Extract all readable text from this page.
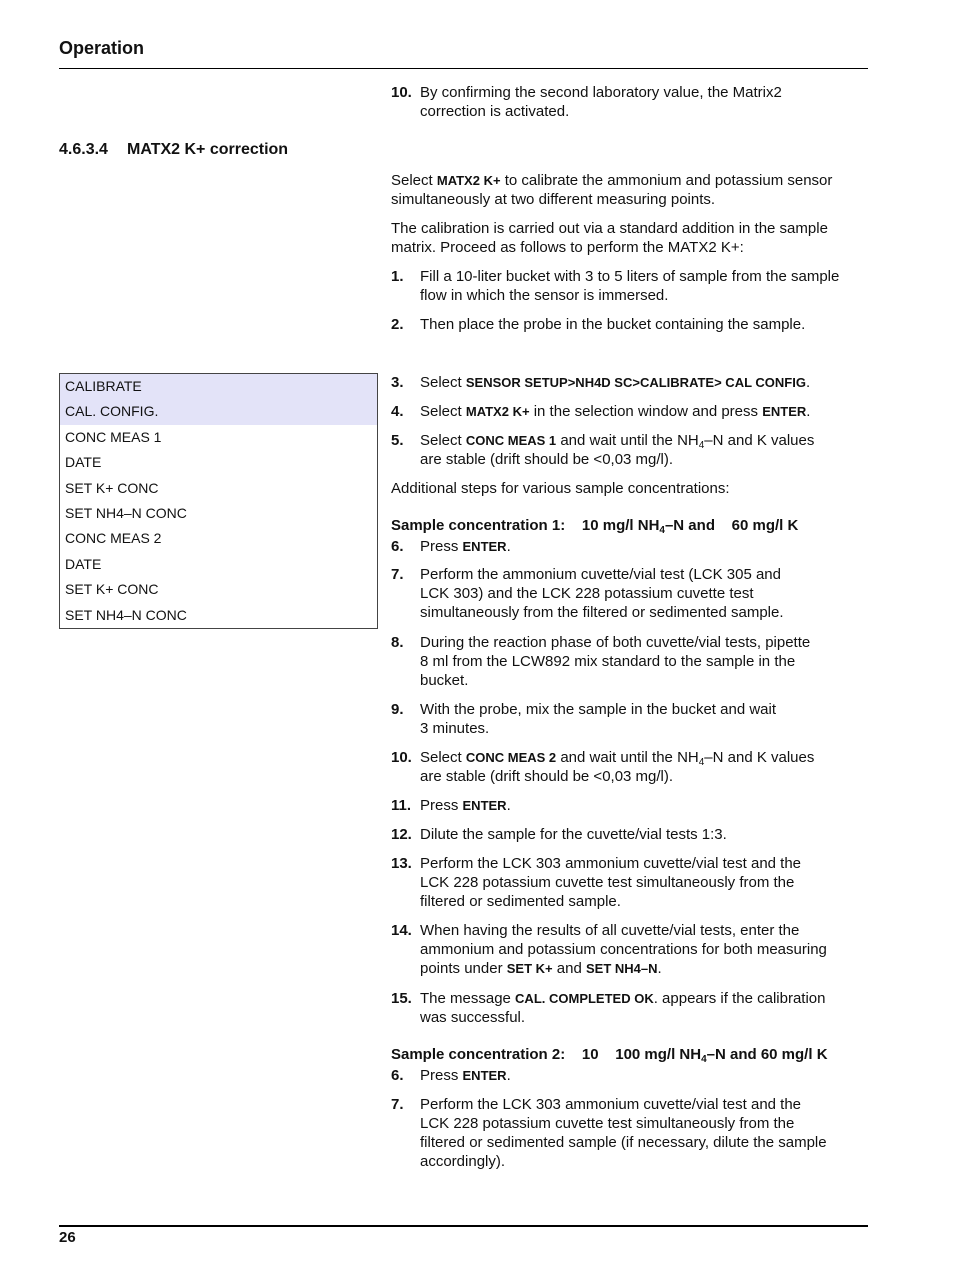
Operation
26
10. By confirming the second laboratory value, the Matrix2
correction is activated.
4.6.3.4 MATX2 K+ correction
Select MATX2 K+ to calibrate the ammonium and potassium sensor
simultaneously at two different measuring points.
The calibration is carried out via a standard addition in the sample
matrix. Proceed as follows to perform the MATX2 K+:
1.	Fill a 10-liter bucket with 3 to 5 liters of sample from the sample
flow in which the sensor is immersed.
2.	Then place the probe in the bucket containing the sample.
CALIBRATE
CAL. CONFIG.
CONC MEAS 1
DATE
SET K+ CONC
SET NH4–N CONC
CONC MEAS 2
DATE
SET K+ CONC
SET NH4–N CONC
3.	Select SENSOR SETUP>NH4D SC>CALIBRATE> CAL CONFIG.
4.	Select MATX2 K+ in the selection window and press ENTER.
5.	Select CONC MEAS 1 and wait until the $NH_4-N$ and K values
are stable (drift should be <0,03 mg/l).
Additional steps for various sample concentrations:
Sample concentration 1:    10 mg/l $NH_4-N$ and    60 mg/l K
6.	Press ENTER.
7.	Perform the ammonium cuvette/vial test (LCK 305 and
LCK 303) and the LCK 228 potassium cuvette test
simultaneously from the filtered or sedimented sample.
8.	During the reaction phase of both cuvette/vial tests, pipette
8 ml from the LCW892 mix standard to the sample in the
bucket.
9.	With the probe, mix the sample in the bucket and wait
3 minutes.
10. Select CONC MEAS 2 and wait until the $NH_4-N$ and K values
are stable (drift should be <0,03 mg/l).
11. Press ENTER.
12. Dilute the sample for the cuvette/vial tests 1:3.
13. Perform the LCK 303 ammonium cuvette/vial test and the
LCK 228 potassium cuvette test simultaneously from the
filtered or sedimented sample.
14. When having the results of all cuvette/vial tests, enter the
ammonium and potassium concentrations for both measuring
points under SET K+ and SET NH4–N.
15. The message CAL. COMPLETED OK. appears if the calibration
was successful.
Sample concentration 2:    10    100 mg/l $NH_4-N$ and 60 mg/l K
6.	Press ENTER.
7.	Perform the LCK 303 ammonium cuvette/vial test and the
LCK 228 potassium cuvette test simultaneously from the
filtered or sedimented sample (if necessary, dilute the sample
accordingly).
